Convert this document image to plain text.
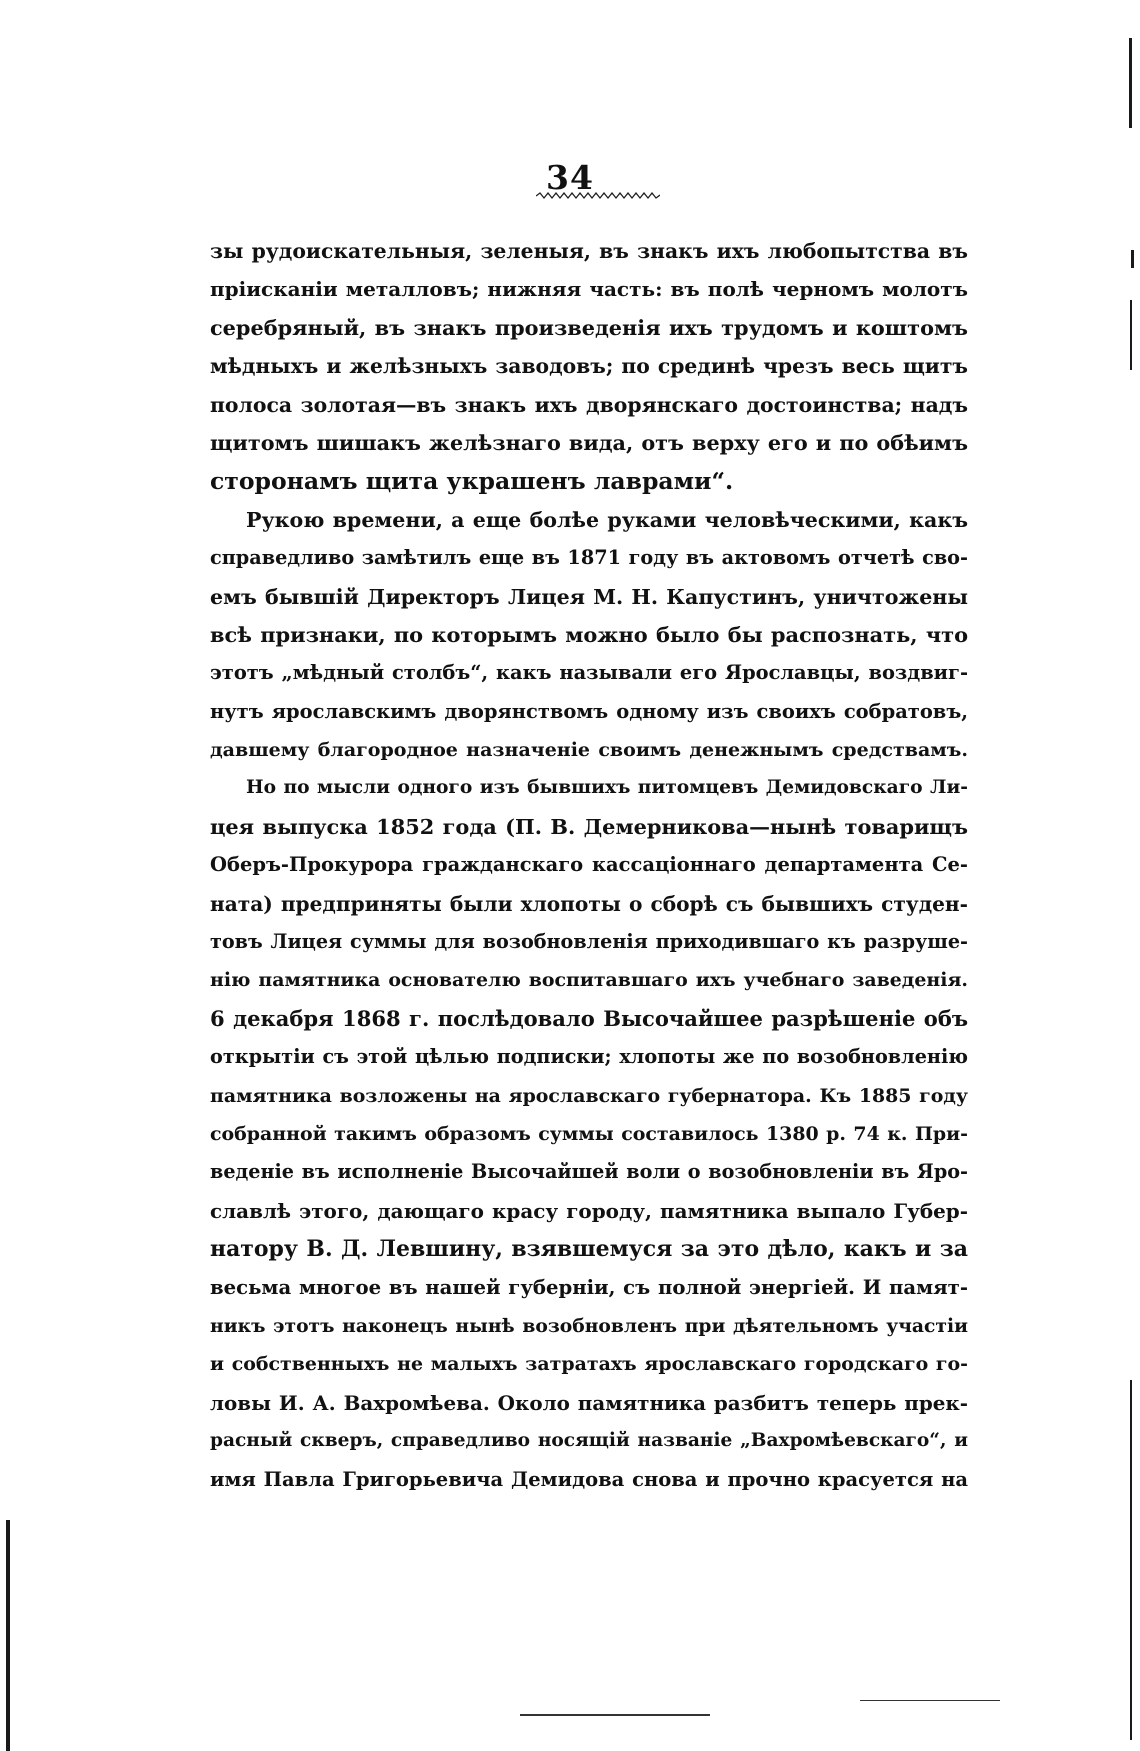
34
зы рудоискательныя, зеленыя, въ знакъ ихъ любопытства въ
пріисканіи металловъ; нижняя часть: въ полѣ черномъ молотъ
серебряный, въ знакъ произведенія ихъ трудомъ и коштомъ
мѣдныхъ и желѣзныхъ заводовъ; по срединѣ чрезъ весь щитъ
полоса золотая—въ знакъ ихъ дворянскаго достоинства; надъ
щитомъ шишакъ желѣзнаго вида, отъ верху его и по обѣимъ
сторонамъ щита украшенъ лаврами“.
Рукою времени, а еще болѣе руками человѣческими, какъ
справедливо замѣтилъ еще въ 1871 году въ актовомъ отчетѣ сво-
емъ бывшій Директоръ Лицея М. Н. Капустинъ, уничтожены
всѣ признаки, по которымъ можно было бы распознать, что
этотъ „мѣдный столбъ“, какъ называли его Ярославцы, воздвиг-
нутъ ярославскимъ дворянствомъ одному изъ своихъ собратовъ,
давшему благородное назначеніе своимъ денежнымъ средствамъ.
Но по мысли одного изъ бывшихъ питомцевъ Демидовскаго Ли-
цея выпуска 1852 года (П. В. Демерникова—нынѣ товарищъ
Оберъ-Прокурора гражданскаго кассаціоннаго департамента Се-
ната) предприняты были хлопоты о сборѣ съ бывшихъ студен-
товъ Лицея суммы для возобновленія приходившаго къ разруше-
нію памятника основателю воспитавшаго ихъ учебнаго заведенія.
6 декабря 1868 г. послѣдовало Высочайшее разрѣшеніе объ
открытіи съ этой цѣлью подписки; хлопоты же по возобновленію
памятника возложены на ярославскаго губернатора. Къ 1885 году
собранной такимъ образомъ суммы составилось 1380 р. 74 к. При-
веденіе въ исполненіе Высочайшей воли о возобновленіи въ Яро-
славлѣ этого, дающаго красу городу, памятника выпало Губер-
натору В. Д. Левшину, взявшемуся за это дѣло, какъ и за
весьма многое въ нашей губерніи, съ полной энергіей. И памят-
никъ этотъ наконецъ нынѣ возобновленъ при дѣятельномъ участіи
и собственныхъ не малыхъ затратахъ ярославскаго городскаго го-
ловы И. А. Вахромѣева. Около памятника разбитъ теперь прек-
расный скверъ, справедливо носящій названіе „Вахромѣевскаго“, и
имя Павла Григорьевича Демидова снова и прочно красуется на
